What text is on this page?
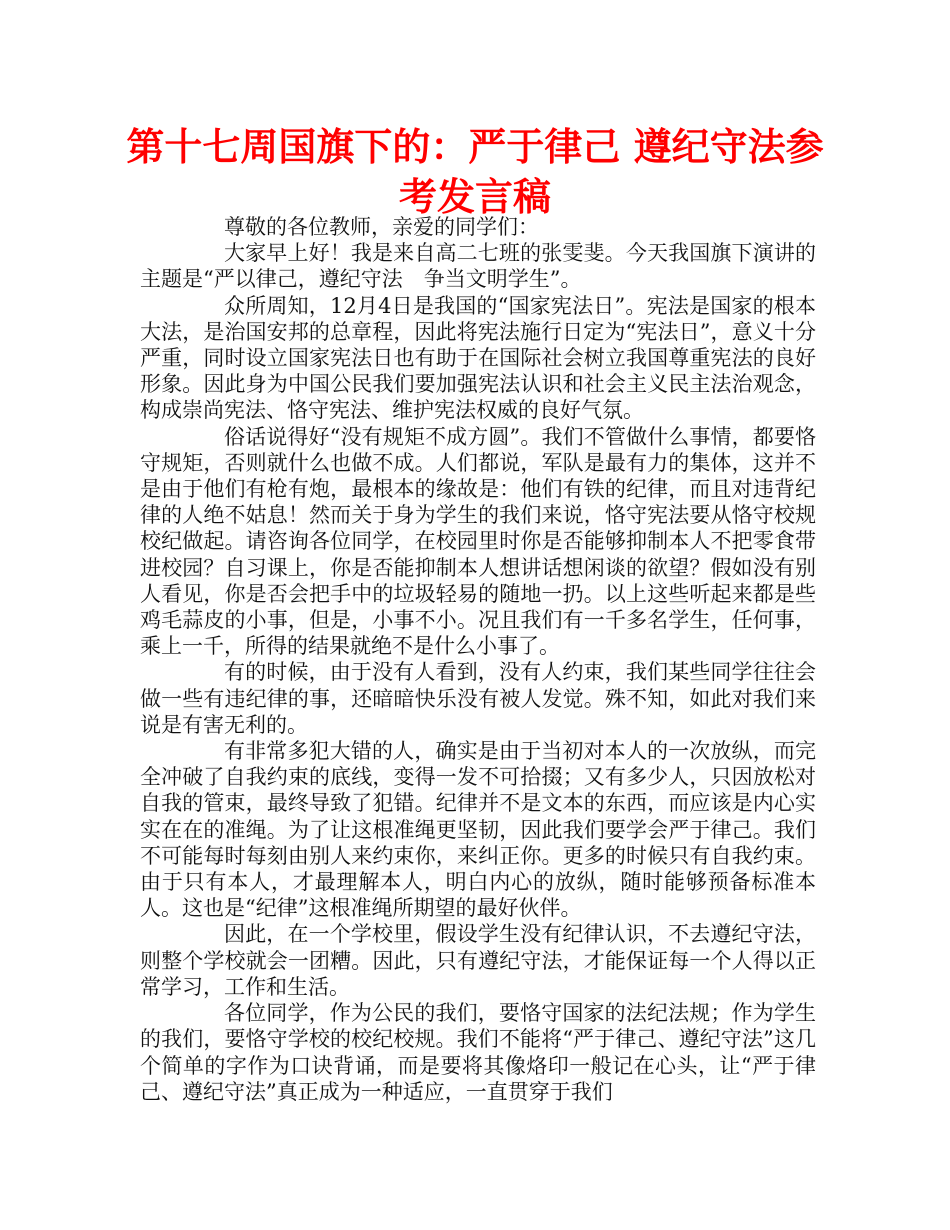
第十七周国旗下的：严于律己 遵纪守法参考发言稿

尊敬的各位教师，亲爱的同学们：

大家早上好！我是来自高二七班的张雯斐。今天我国旗下演讲的主题是“严以律己，遵纪守法　争当文明学生”。

众所周知，12月4日是我国的“国家宪法日”。宪法是国家的根本大法，是治国安邦的总章程，因此将宪法施行日定为“宪法日”，意义十分严重，同时设立国家宪法日也有助于在国际社会树立我国尊重宪法的良好形象。因此身为中国公民我们要加强宪法认识和社会主义民主法治观念，构成崇尚宪法、恪守宪法、维护宪法权威的良好气氛。

俗话说得好“没有规矩不成方圆”。我们不管做什么事情，都要恪守规矩，否则就什么也做不成。人们都说，军队是最有力的集体，这并不是由于他们有枪有炮，最根本的缘故是：他们有铁的纪律，而且对违背纪律的人绝不姑息！然而关于身为学生的我们来说，恪守宪法要从恪守校规校纪做起。请咨询各位同学，在校园里时你是否能够抑制本人不把零食带进校园？自习课上，你是否能抑制本人想讲话想闲谈的欲望？假如没有别人看见，你是否会把手中的垃圾轻易的随地一扔。以上这些听起来都是些鸡毛蒜皮的小事，但是，小事不小。况且我们有一千多名学生，任何事，乘上一千，所得的结果就绝不是什么小事了。

有的时候，由于没有人看到，没有人约束，我们某些同学往往会做一些有违纪律的事，还暗暗快乐没有被人发觉。殊不知，如此对我们来说是有害无利的。

有非常多犯大错的人，确实是由于当初对本人的一次放纵，而完全冲破了自我约束的底线，变得一发不可拾掇；又有多少人，只因放松对自我的管束，最终导致了犯错。纪律并不是文本的东西，而应该是内心实实在在的准绳。为了让这根准绳更坚韧，因此我们要学会严于律己。我们不可能每时每刻由别人来约束你，来纠正你。更多的时候只有自我约束。由于只有本人，才最理解本人，明白内心的放纵，随时能够预备标准本人。这也是“纪律”这根准绳所期望的最好伙伴。

因此，在一个学校里，假设学生没有纪律认识，不去遵纪守法，则整个学校就会一团糟。因此，只有遵纪守法，才能保证每一个人得以正常学习，工作和生活。

各位同学，作为公民的我们，要恪守国家的法纪法规；作为学生的我们，要恪守学校的校纪校规。我们不能将“严于律己、遵纪守法”这几个简单的字作为口诀背诵，而是要将其像烙印一般记在心头，让“严于律己、遵纪守法”真正成为一种适应，一直贯穿于我们
